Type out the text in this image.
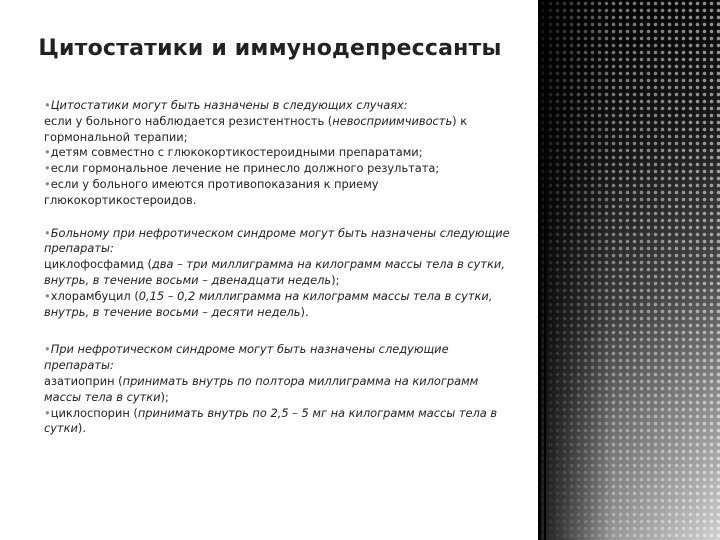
Цитостатики и иммунодепрессанты

•Цитостатики могут быть назначены в следующих случаях:

если у больного наблюдается резистентность (невосприимчивость) к гормональной терапии;

•детям совместно с глюкокортикостероидными препаратами;

•если гормональное лечение не принесло должного результата;

•если у больного имеются противопоказания к приему глюкокортикостероидов.

•Больному при нефротическом синдроме могут быть назначены следующие препараты:

циклофосфамид (два – три миллиграмма на килограмм массы тела в сутки, внутрь, в течение восьми – двенадцати недель);

•хлорамбуцил (0,15 – 0,2 миллиграмма на килограмм массы тела в сутки, внутрь, в течение восьми – десяти недель).

•При нефротическом синдроме могут быть назначены следующие препараты:

азатиоприн (принимать внутрь по полтора миллиграмма на килограмм массы тела в сутки);

•циклоспорин (принимать внутрь по 2,5 – 5 мг на килограмм массы тела в сутки).
